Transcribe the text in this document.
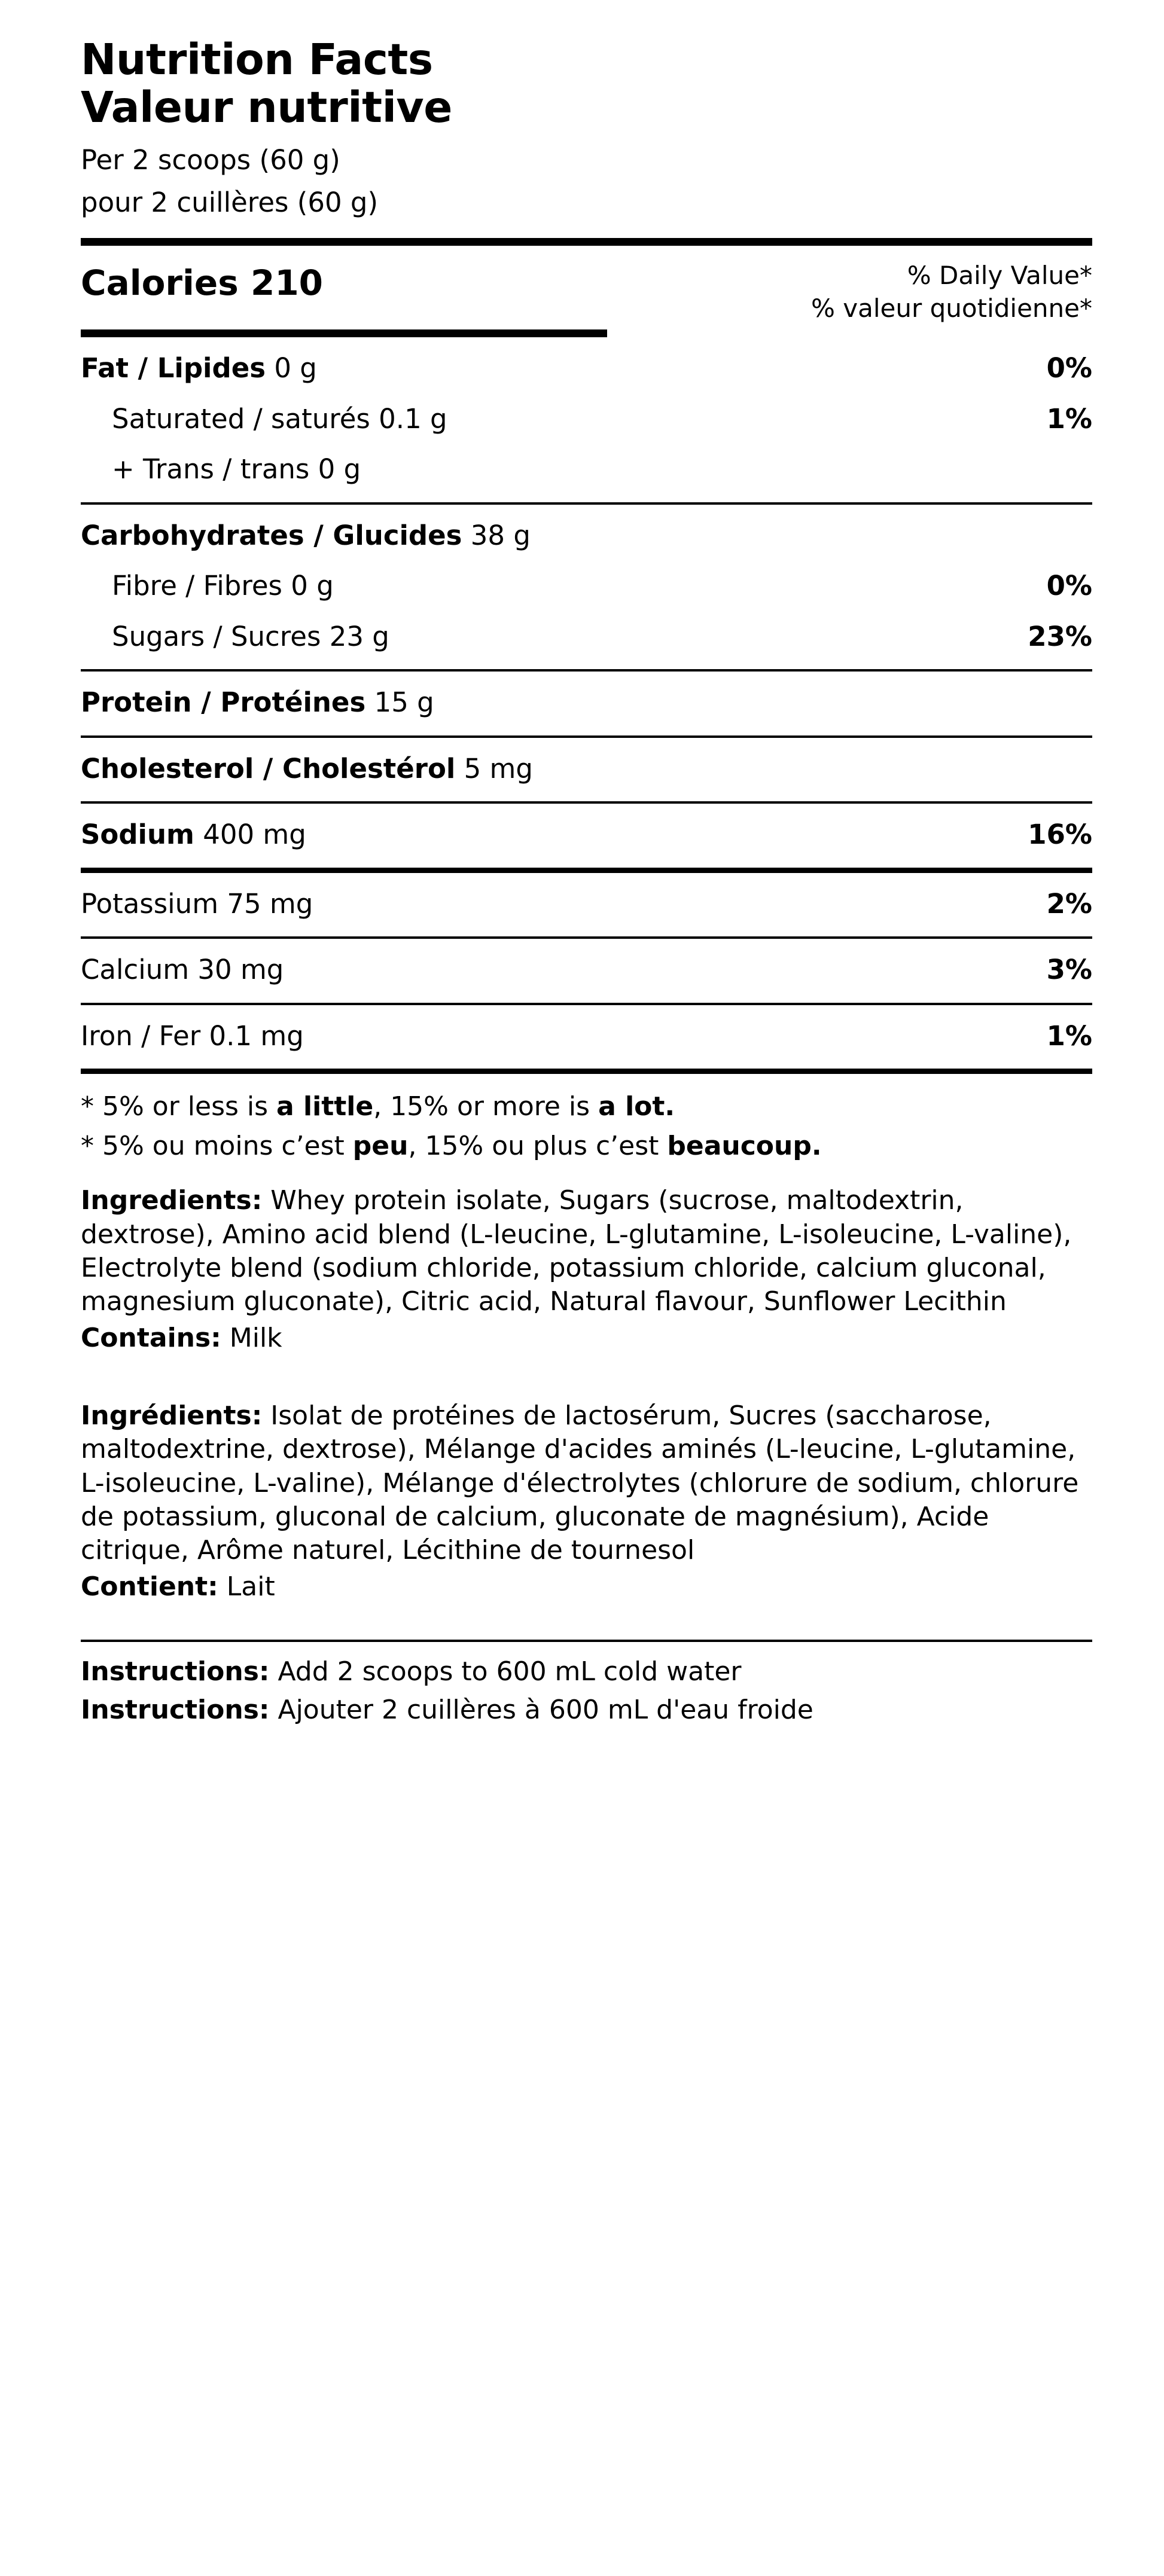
Nutrition Facts
Valeur nutritive
Per 2 scoops (60 g)
pour 2 cuillères (60 g)
Calories 210	% Daily Value*
% valeur quotidienne*
Fat / Lipides 0 g	0%
Saturated / saturés 0.1 g	1%
+ Trans / trans 0 g
Carbohydrates / Glucides 38 g
Fibre / Fibres 0 g	0%
Sugars / Sucres 23 g	23%
Protein / Protéines 15 g
Cholesterol / Cholestérol 5 mg
Sodium 400 mg	16%
Potassium 75 mg	2%
Calcium 30 mg	3%
Iron / Fer 0.1 mg	1%
* 5% or less is a little, 15% or more is a lot.
* 5% ou moins c’est peu, 15% ou plus c’est beaucoup.

Ingredients: Whey protein isolate, Sugars (sucrose, maltodextrin, dextrose), Amino acid blend (L-leucine, L-glutamine, L-isoleucine, L-valine), Electrolyte blend (sodium chloride, potassium chloride, calcium gluconal, magnesium gluconate), Citric acid, Natural flavour, Sunflower Lecithin

Contains: Milk

Ingrédients: Isolat de protéines de lactosérum, Sucres (saccharose, maltodextrine, dextrose), Mélange d'acides aminés (L-leucine, L-glutamine, L-isoleucine, L-valine), Mélange d'électrolytes (chlorure de sodium, chlorure de potassium, gluconal de calcium, gluconate de magnésium), Acide citrique, Arôme naturel, Lécithine de tournesol

Contient: Lait

Instructions: Add 2 scoops to 600 mL cold water

Instructions: Ajouter 2 cuillères à 600 mL d'eau froide
